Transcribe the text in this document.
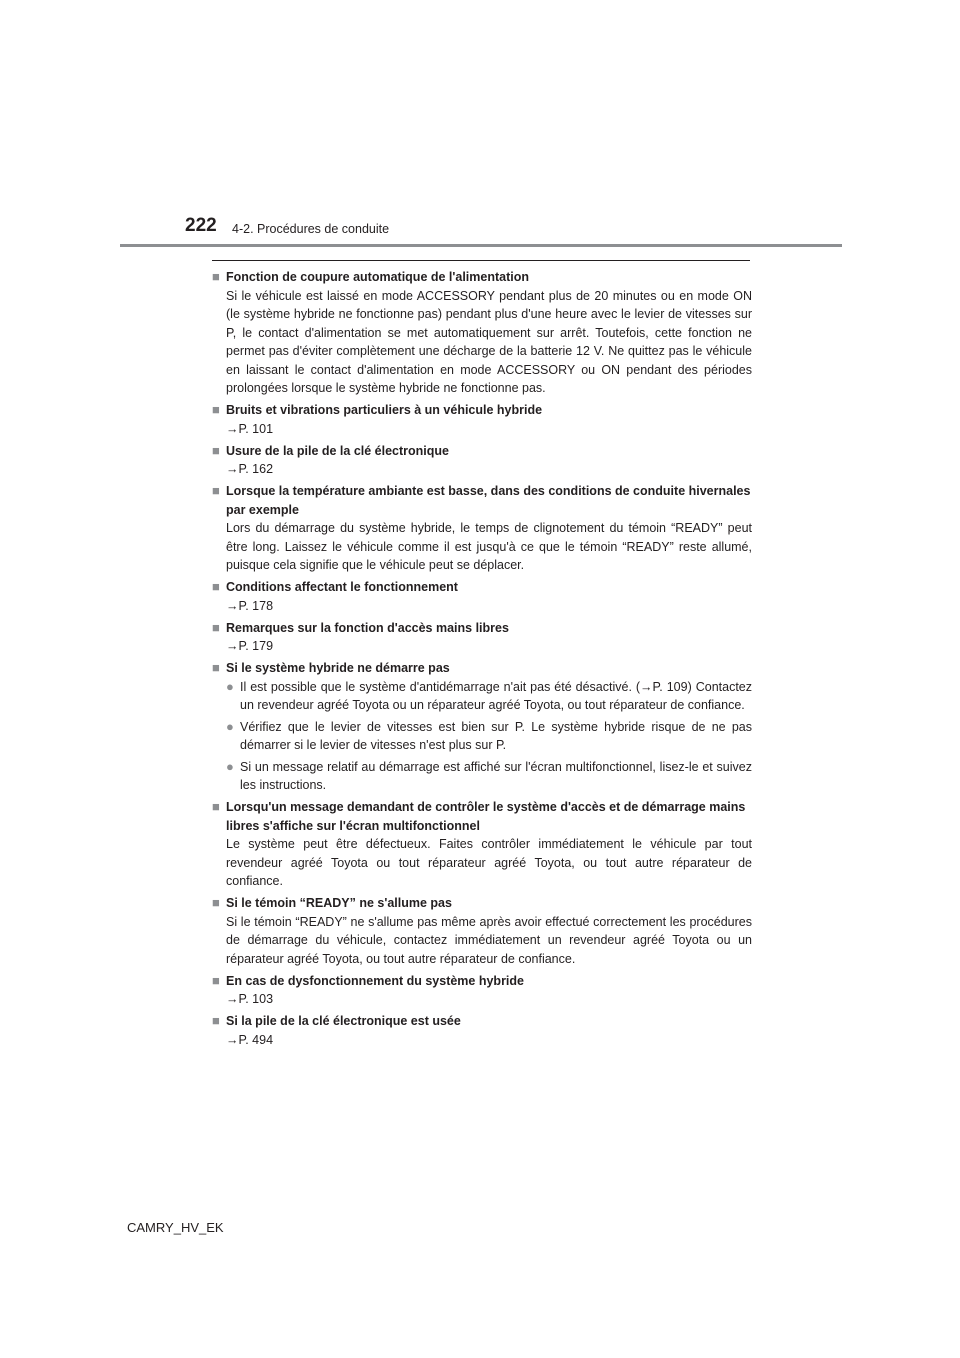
222 4-2. Procédures de conduite
■ Fonction de coupure automatique de l'alimentation
Si le véhicule est laissé en mode ACCESSORY pendant plus de 20 minutes ou en mode ON (le système hybride ne fonctionne pas) pendant plus d'une heure avec le levier de vitesses sur P, le contact d'alimentation se met automatiquement sur arrêt. Toutefois, cette fonction ne permet pas d'éviter complètement une décharge de la batterie 12 V. Ne quittez pas le véhicule en laissant le contact d'alimentation en mode ACCESSORY ou ON pendant des périodes prolongées lorsque le système hybride ne fonctionne pas.
■ Bruits et vibrations particuliers à un véhicule hybride
→P. 101
■ Usure de la pile de la clé électronique
→P. 162
■ Lorsque la température ambiante est basse, dans des conditions de conduite hivernales par exemple
Lors du démarrage du système hybride, le temps de clignotement du témoin “READY” peut être long. Laissez le véhicule comme il est jusqu'à ce que le témoin “READY” reste allumé, puisque cela signifie que le véhicule peut se déplacer.
■ Conditions affectant le fonctionnement
→P. 178
■ Remarques sur la fonction d'accès mains libres
→P. 179
■ Si le système hybride ne démarre pas
● Il est possible que le système d'antidémarrage n'ait pas été désactivé. (→P. 109) Contactez un revendeur agréé Toyota ou un réparateur agréé Toyota, ou tout réparateur de confiance.
● Vérifiez que le levier de vitesses est bien sur P. Le système hybride risque de ne pas démarrer si le levier de vitesses n'est plus sur P.
● Si un message relatif au démarrage est affiché sur l'écran multifonctionnel, lisez-le et suivez les instructions.
■ Lorsqu'un message demandant de contrôler le système d'accès et de démarrage mains libres s'affiche sur l'écran multifonctionnel
Le système peut être défectueux. Faites contrôler immédiatement le véhicule par tout revendeur agréé Toyota ou tout réparateur agréé Toyota, ou tout autre réparateur de confiance.
■ Si le témoin “READY” ne s'allume pas
Si le témoin “READY” ne s'allume pas même après avoir effectué correctement les procédures de démarrage du véhicule, contactez immédiatement un revendeur agréé Toyota ou un réparateur agréé Toyota, ou tout autre réparateur de confiance.
■ En cas de dysfonctionnement du système hybride
→P. 103
■ Si la pile de la clé électronique est usée
→P. 494
CAMRY_HV_EK
